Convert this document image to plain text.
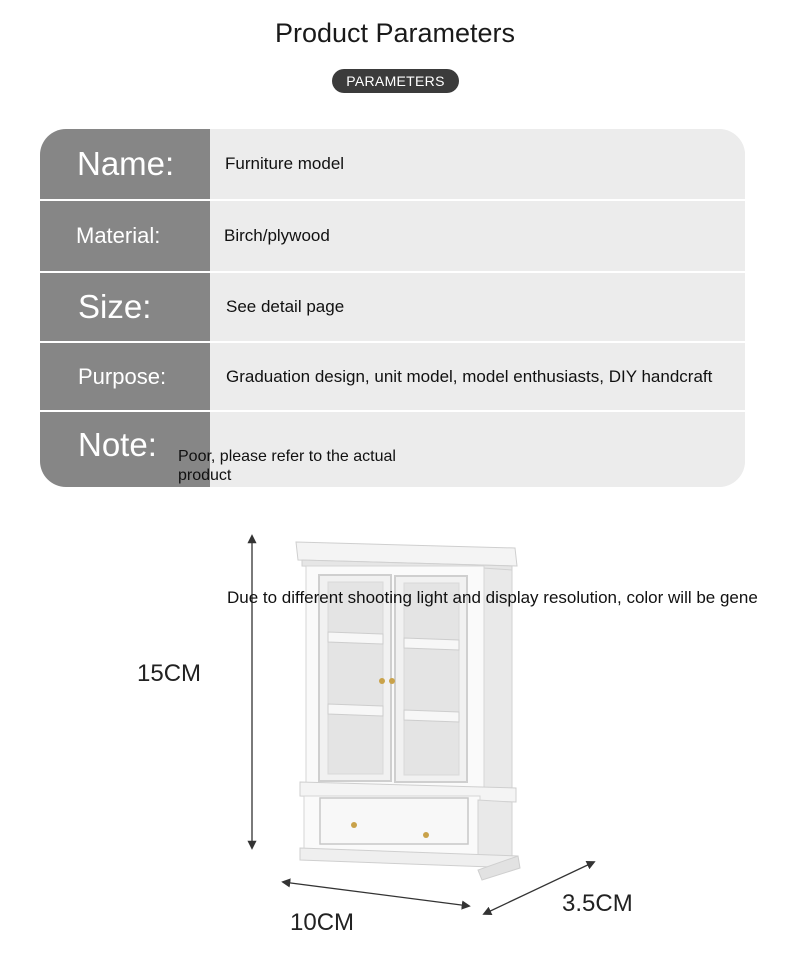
Product Parameters
PARAMETERS
Name:	Furniture model
Material:	Birch/plywood
Size:	See detail page
Purpose:	Graduation design, unit model, model enthusiasts, DIY handcraft
Note: Poor, please refer to the actual product
15CM
10CM
3.5CM
Due to different shooting light and display resolution, color will be gene
